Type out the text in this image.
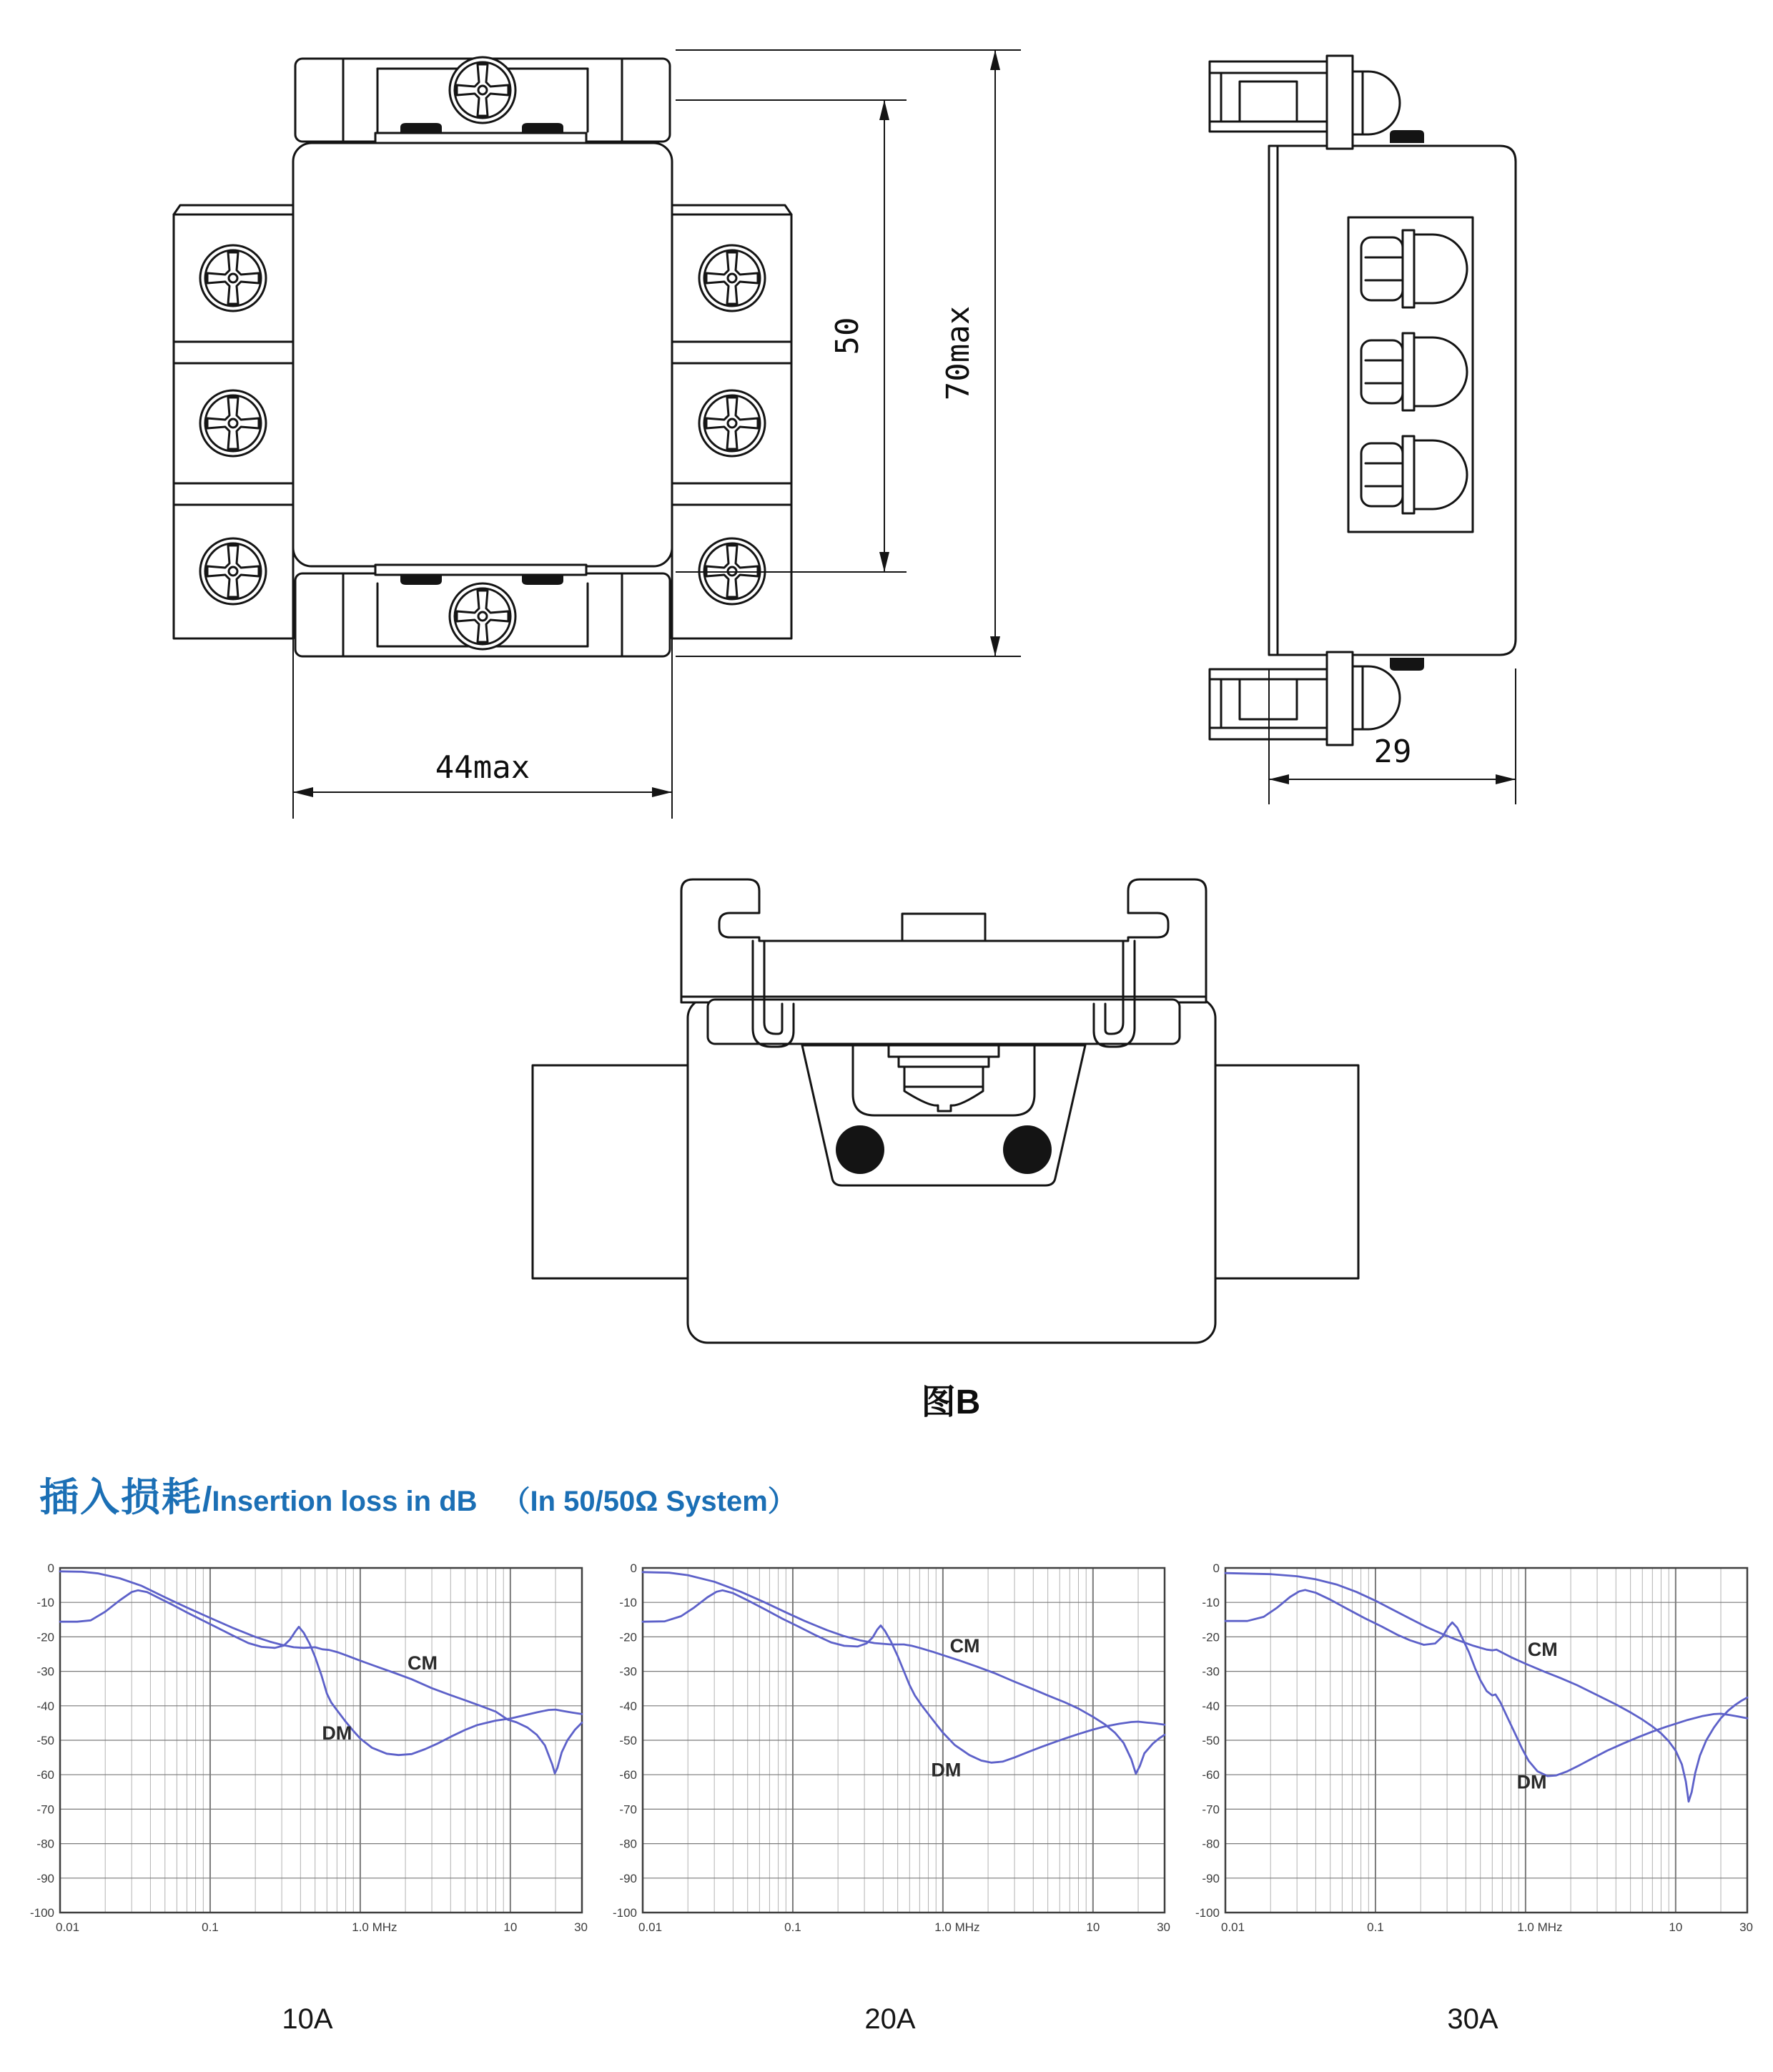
50 70max
44max	29
图B
插入损耗/Insertion loss in dB （In 50/50Ω System）
0
-10
-20
-30
-40
-50
-60
-70
-80
-90
-100
0.01	0.1	1.0 MHz	10	30
CM
DM
0
-10
-20
-30
-40
-50
-60
-70
-80
-90
-100
0.01	0.1	1.0 MHz	10	30
CM
DM
0
-10
-20
-30
-40
-50
-60
-70
-80
-90
-100
0.01	0.1	1.0 MHz	10	30
CM
DM
10A	20A	30A
